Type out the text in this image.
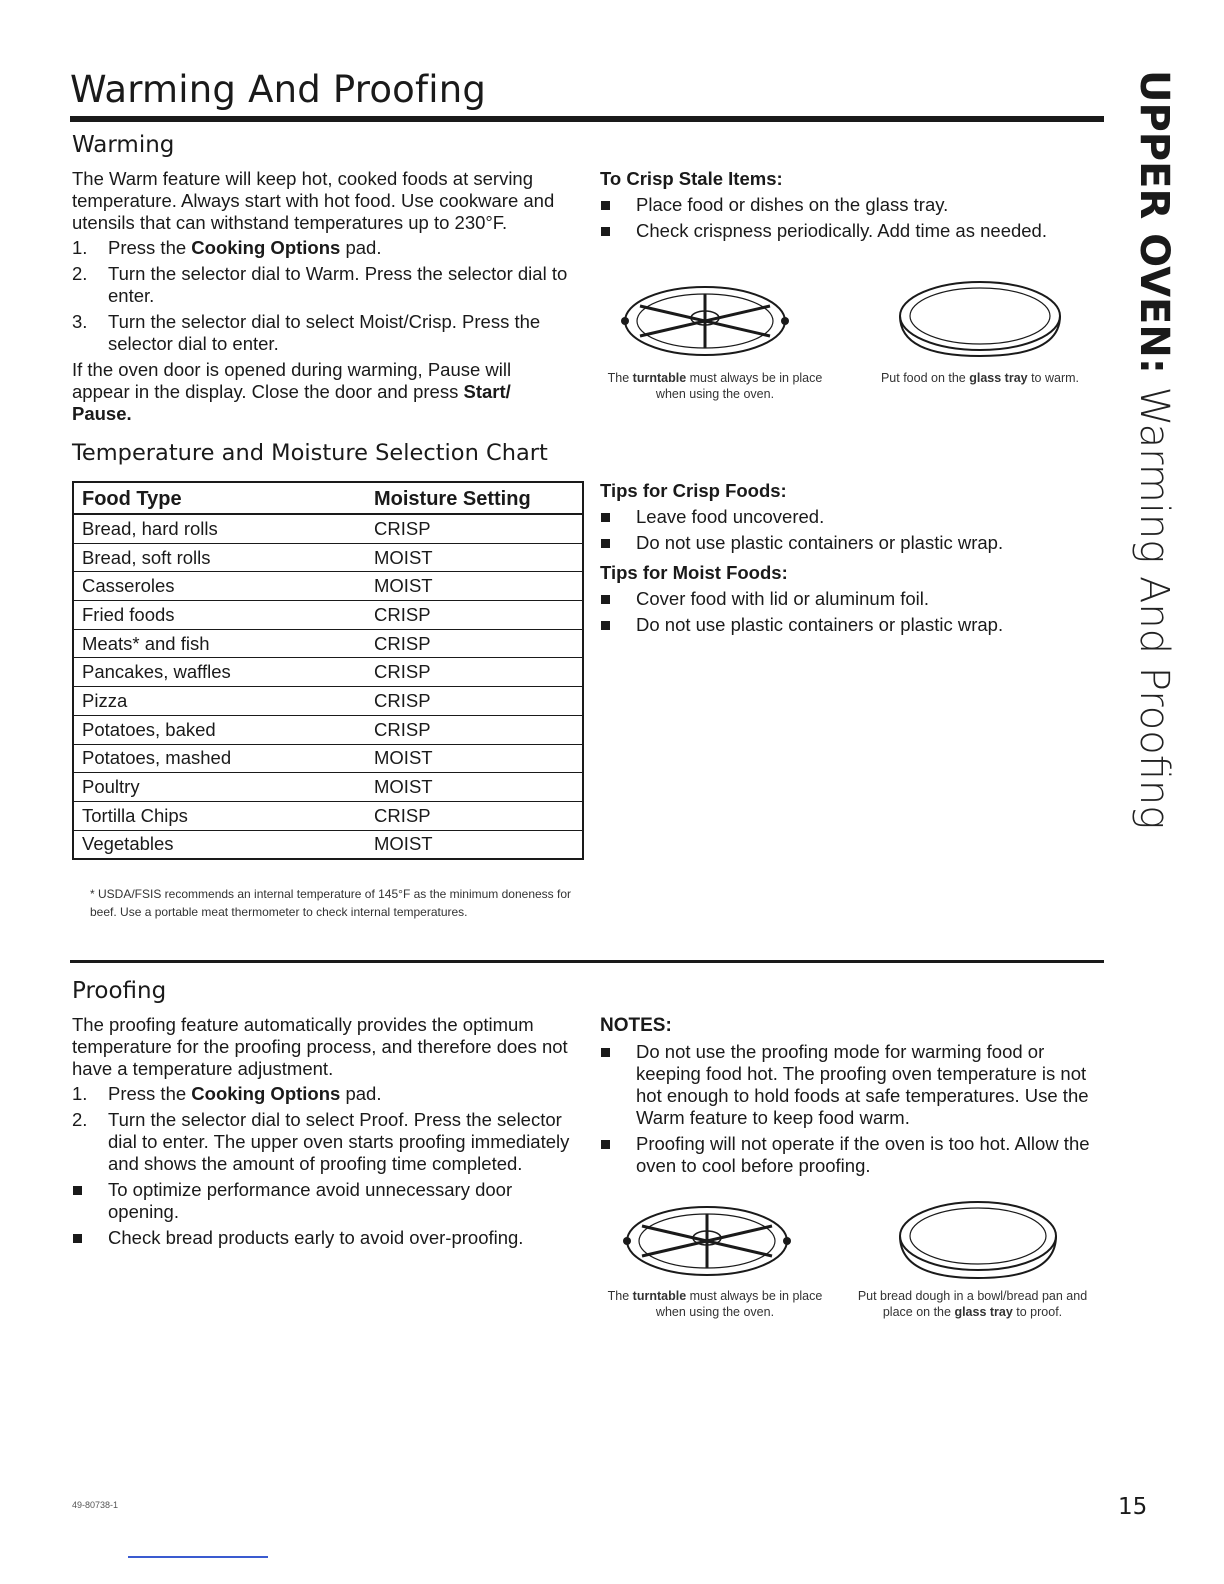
Warming And Proofing	UPPER OVEN: Warming And Proofing
Warming

The Warm feature will keep hot, cooked foods at serving temperature. Always start with hot food. Use cookware and utensils that can withstand temperatures up to 230°F.

1. Press the Cooking Options pad.
2. Turn the selector dial to Warm. Press the selector dial to enter.
3. Turn the selector dial to select Moist/Crisp. Press the selector dial to enter.

If the oven door is opened during warming, Pause will appear in the display. Close the door and press Start/ Pause.

To Crisp Stale Items:

Place food or dishes on the glass tray.
Check crispness periodically. Add time as needed.

The turntable must always be in place when using the oven.

Put food on the glass tray to warm.

Temperature and Moisture Selection Chart
Food Type	Moisture Setting
Bread, hard rolls	CRISP
Bread, soft rolls	MOIST
Casseroles	MOIST
Fried foods	CRISP
Meats* and fish	CRISP
Pancakes, waffles	CRISP
Pizza	CRISP
Potatoes, baked	CRISP
Potatoes, mashed	MOIST
Poultry	MOIST
Tortilla Chips	CRISP
Vegetables	MOIST

* USDA/FSIS recommends an internal temperature of 145°F as the minimum doneness for beef. Use a portable meat thermometer to check internal temperatures.

Tips for Crisp Foods:

Leave food uncovered.
Do not use plastic containers or plastic wrap.

Tips for Moist Foods:

Cover food with lid or aluminum foil.
Do not use plastic containers or plastic wrap.
Proofing

The proofing feature automatically provides the optimum temperature for the proofing process, and therefore does not have a temperature adjustment.

1. Press the Cooking Options pad.
2. Turn the selector dial to select Proof. Press the selector dial to enter. The upper oven starts proofing immediately and shows the amount of proofing time completed.
To optimize performance avoid unnecessary door opening.
Check bread products early to avoid over-proofing.

NOTES:

Do not use the proofing mode for warming food or keeping food hot. The proofing oven temperature is not hot enough to hold foods at safe temperatures. Use the Warm feature to keep food warm.
Proofing will not operate if the oven is too hot. Allow the oven to cool before proofing.

The turntable must always be in place when using the oven.

Put bread dough in a bowl/bread pan and place on the glass tray to proof.

49-80738-1	15
